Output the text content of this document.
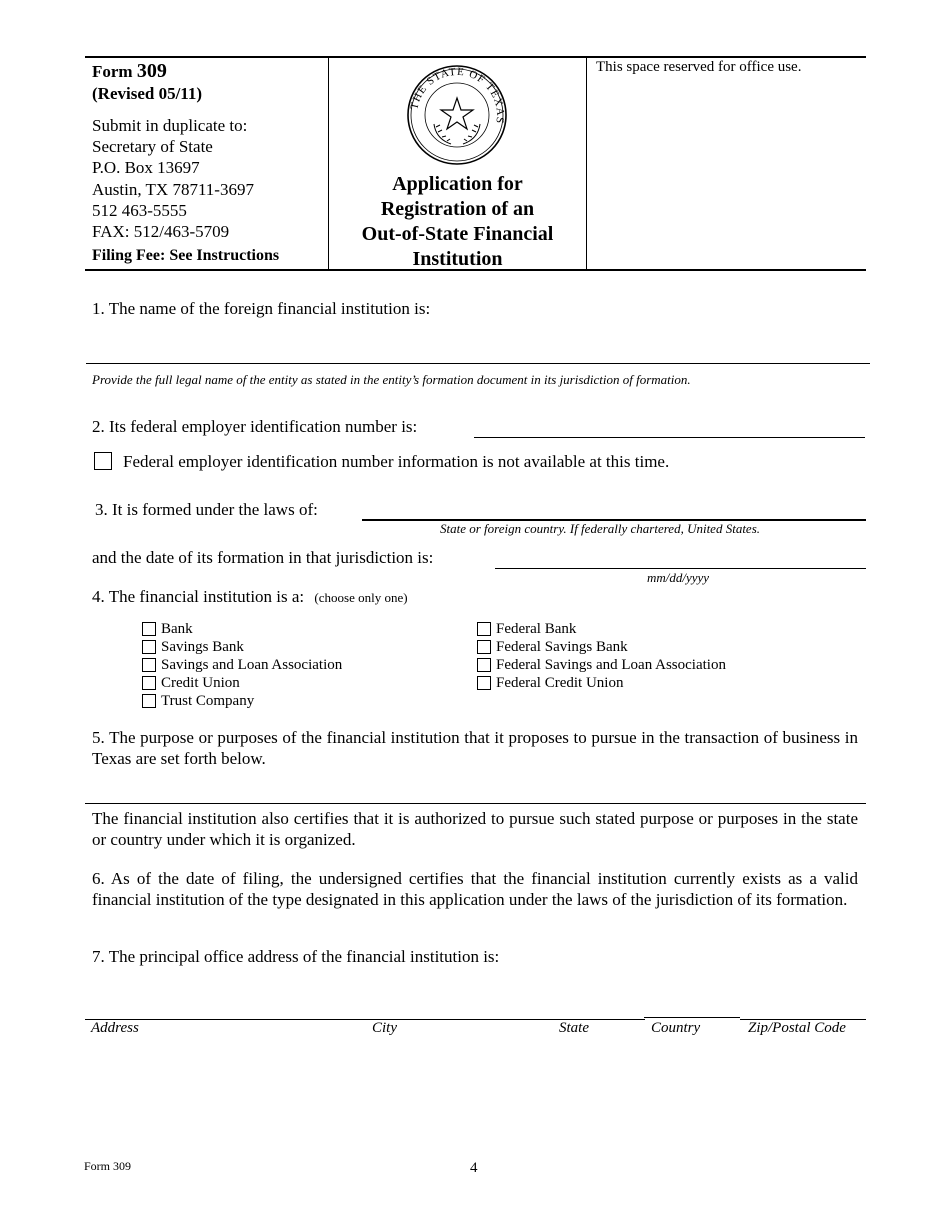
Form 309
(Revised 05/11)
Submit in duplicate to:
Secretary of State
P.O. Box 13697
Austin, TX 78711-3697
512 463-5555
FAX: 512/463-5709
Filing Fee: See Instructions
THE STATE OF TEXAS
Application for
Registration of an
Out-of-State Financial
Institution
This space reserved for office use.
1. The name of the foreign financial institution is:
Provide the full legal name of the entity as stated in the entity’s formation document in its jurisdiction of formation.
2. Its federal employer identification number is:
Federal employer identification number information is not available at this time.
3. It is formed under the laws of:
State or foreign country. If federally chartered, United States.
and the date of its formation in that jurisdiction is:
mm/dd/yyyy
4. The financial institution is a: (choose only one)
Bank
Savings Bank
Savings and Loan Association
Credit Union
Trust Company
Federal Bank
Federal Savings Bank
Federal Savings and Loan Association
Federal Credit Union
5. The purpose or purposes of the financial institution that it proposes to pursue in the transaction of business in Texas are set forth below.
The financial institution also certifies that it is authorized to pursue such stated purpose or purposes in the state or country under which it is organized.
6. As of the date of filing, the undersigned certifies that the financial institution currently exists as a valid financial institution of the type designated in this application under the laws of the jurisdiction of its formation.
7. The principal office address of the financial institution is:
Address	City	State	Country	Zip/Postal Code
Form 309	4
